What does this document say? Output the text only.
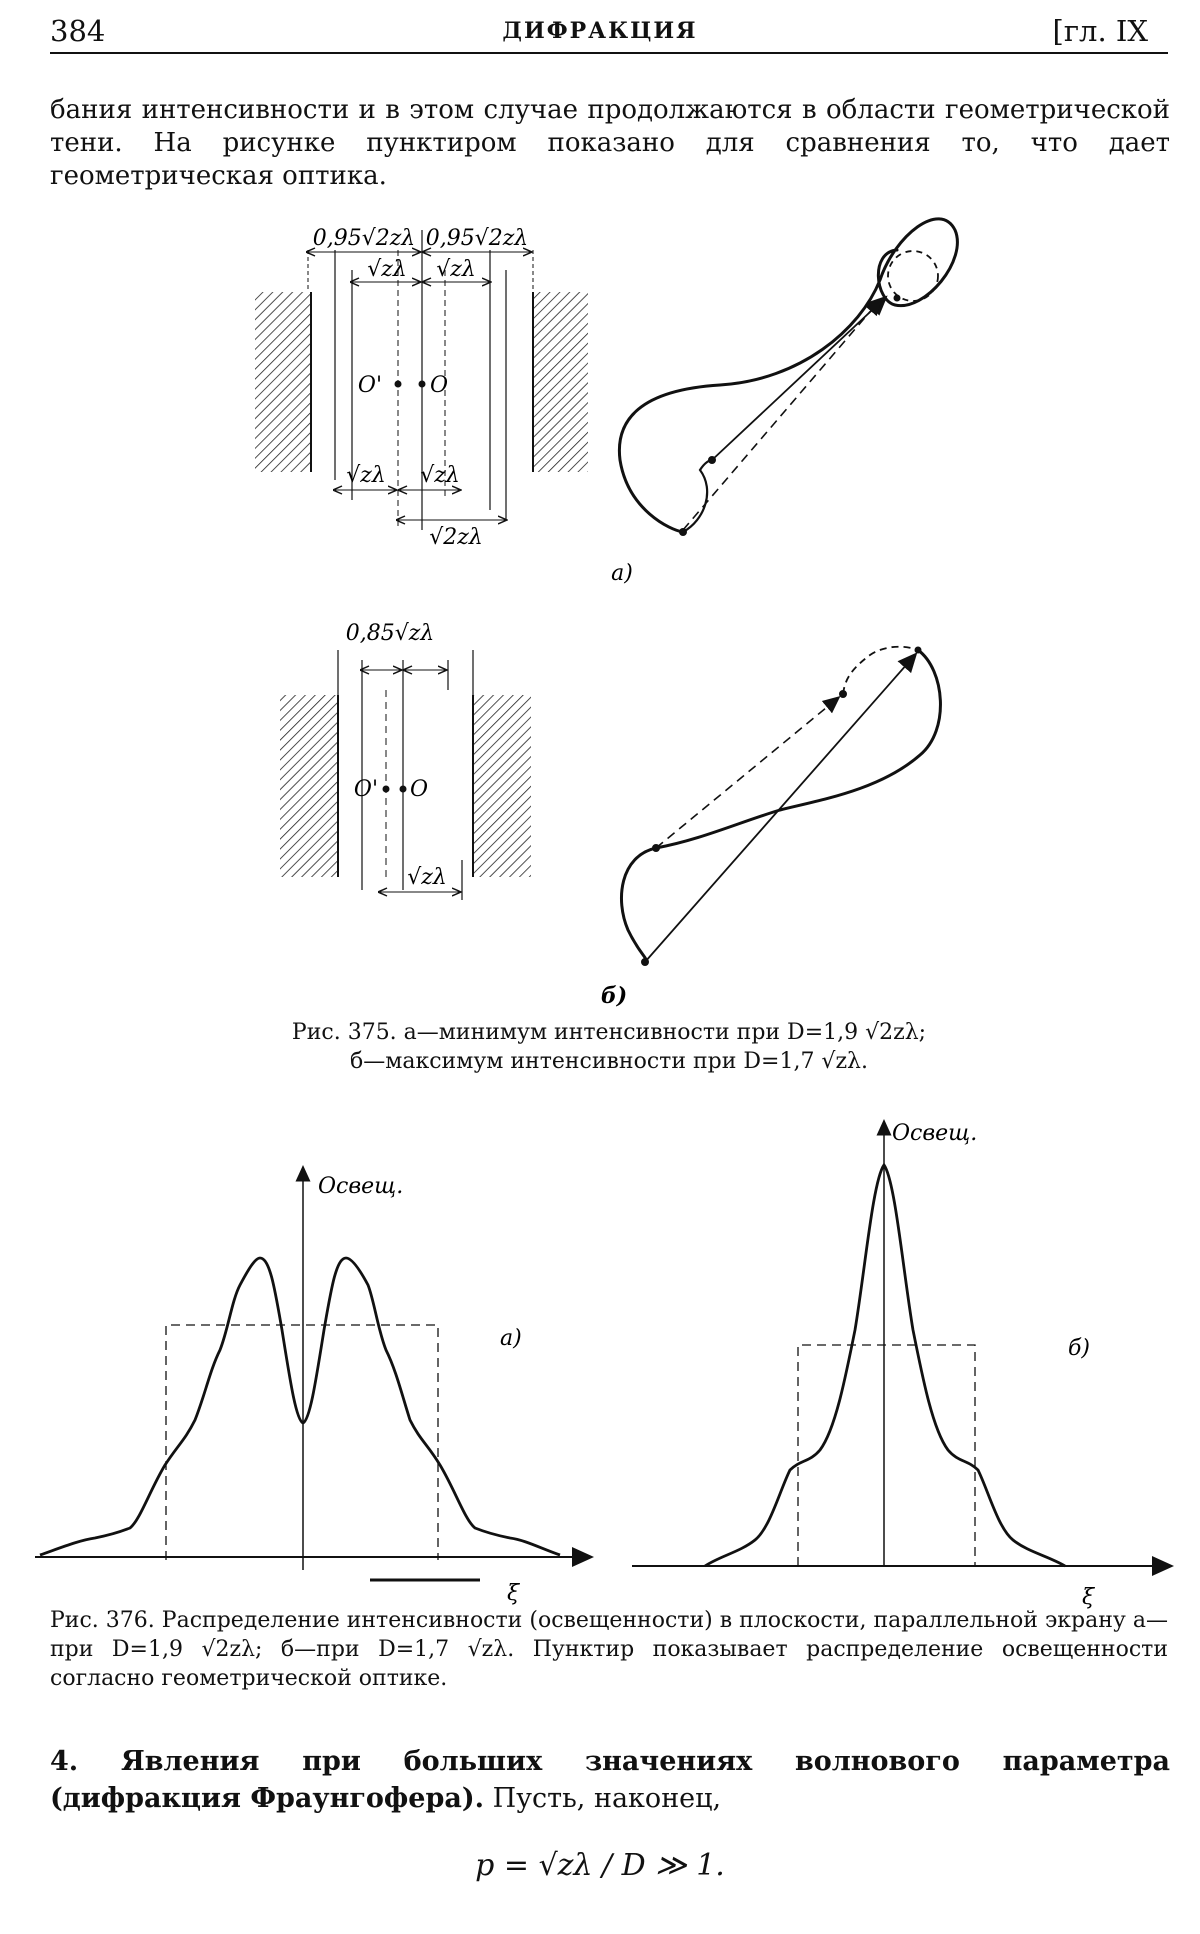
384	ДИФРАКЦИЯ	[гл. IX
бания интенсивности и в этом случае продолжаются в области геометрической тени. На рисунке пунктиром показано для сравнения то, что дает геометрическая оптика.
0,95√2zλ 0,95√2zλ
√zλ √zλ
O' O
√zλ √zλ
√2zλ
а)
0,85√zλ
O' O
√zλ
б)
Освещ.
ξ
а)
Освещ.
ξ
б)
Рис. 375. а—минимум интенсивности при D=1,9 √2zλ;
б—максимум интенсивности при D=1,7 √zλ.
Рис. 376. Распределение интенсивности (освещенности) в плоскости, параллельной экрану а—при D=1,9 √2zλ; б—при D=1,7 √zλ. Пунктир показывает распределение освещенности согласно геометрической оптике.
4. Явления при больших значениях волнового параметра (дифракция Фраунгофера). Пусть, наконец,
p = √zλ / D ≫ 1.
